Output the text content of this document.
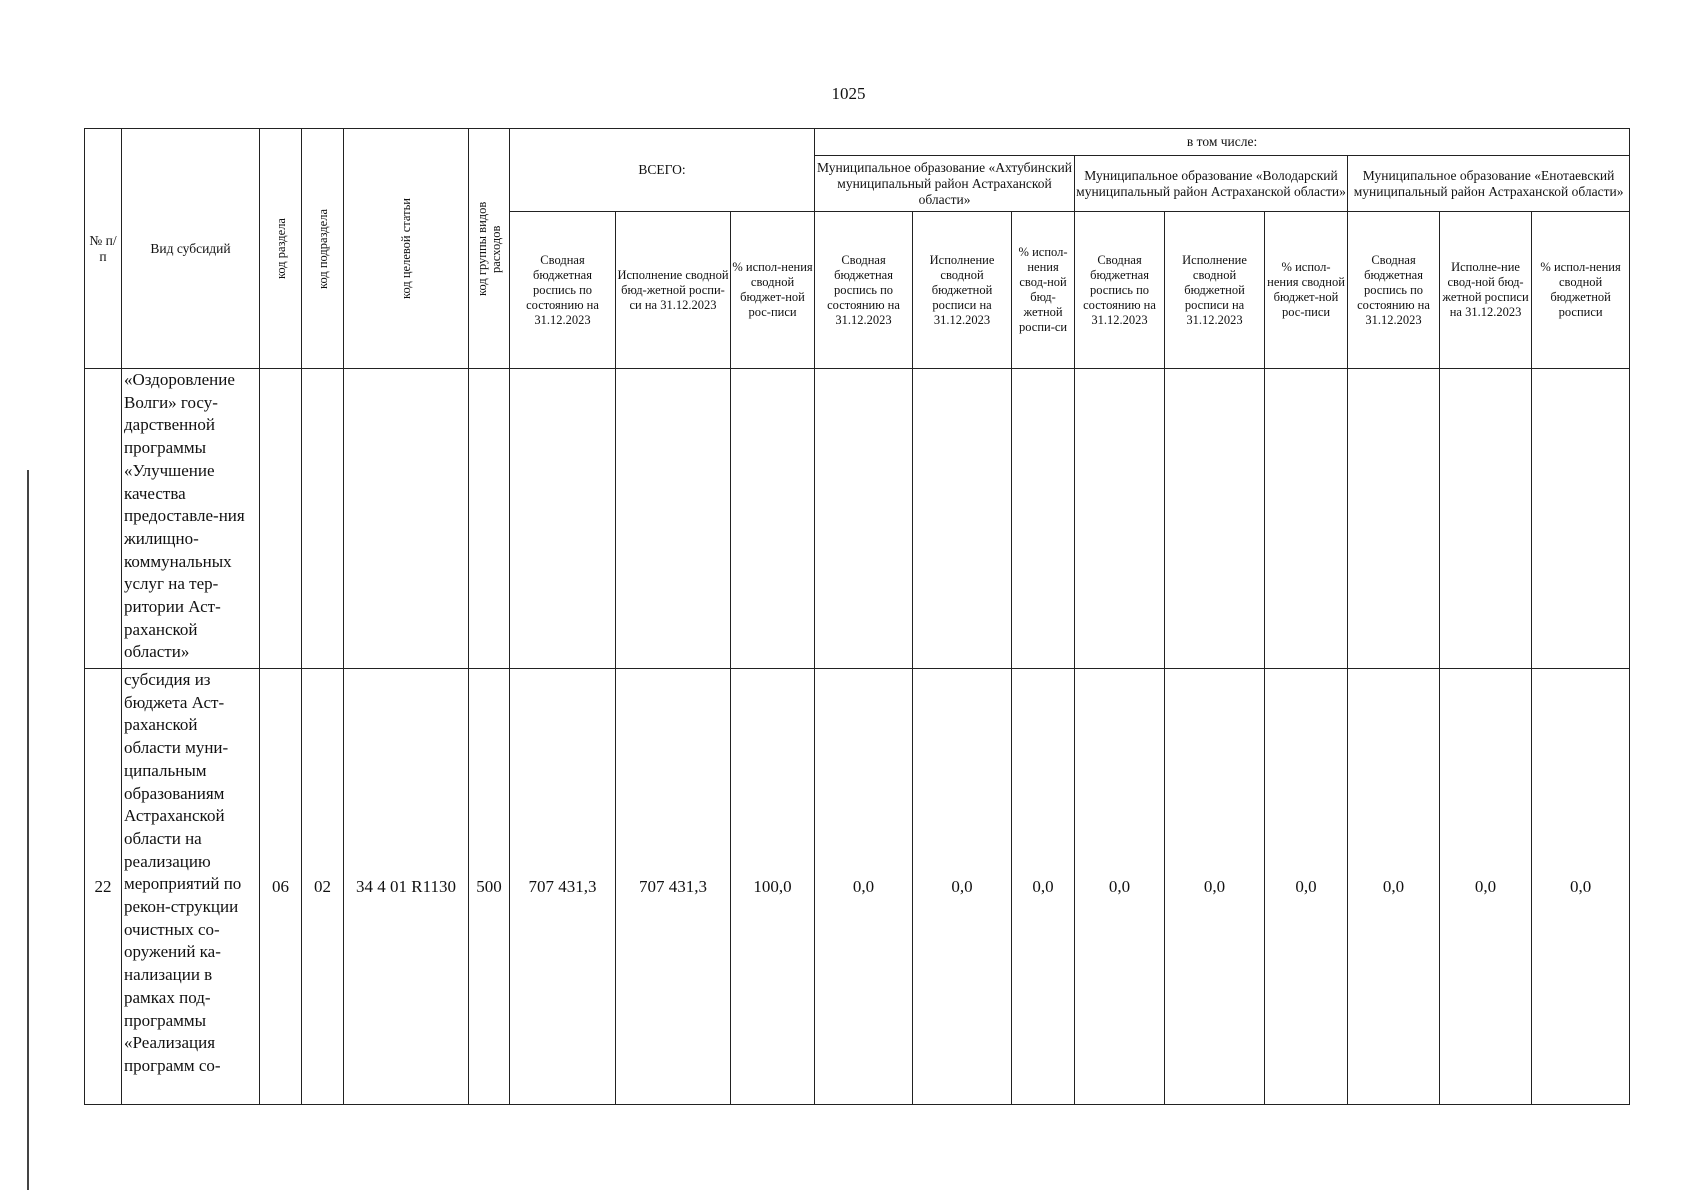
1025
№ п/п	Вид субсидий	код раздела	код подраздела	код целевой статьи	код группы видов расходов	ВСЕГО:			в том числе:								
									Муниципальное образование «Ахтубинский муниципальный район Астраханской области»			Муниципальное образование «Володарский муниципальный район Астраханской области»			Муниципальное образование «Енотаевский муниципальный район Астраханской области»		
						Сводная бюджетная роспись по состоянию на 31.12.2023	Исполнение сводной бюд-жетной роспи-си на 31.12.2023	% испол-нения сводной бюджет-ной рос-писи	Сводная бюджетная роспись по состоянию на 31.12.2023	Исполнение сводной бюджетной росписи на 31.12.2023	% испол-нения свод-ной бюд-жетной роспи-си	Сводная бюджетная роспись по состоянию на 31.12.2023	Исполнение сводной бюджетной росписи на 31.12.2023	% испол-нения сводной бюджет-ной рос-писи	Сводная бюджетная роспись по состоянию на 31.12.2023	Исполне-ние свод-ной бюд-жетной росписи на 31.12.2023	% испол-нения сводной бюджетной росписи
	«Оздоровление Волги» госу-дарственной программы «Улучшение качества предоставле-ния жилищно-коммунальных услуг на тер-ритории Аст-раханской области»																
22	субсидия из бюджета Аст-раханской области муни-ципальным образованиям Астраханской области на реализацию мероприятий по рекон-струкции очистных со-оружений ка-нализации в рамках под-программы «Реализация программ со-	06	02	34 4 01 R1130	500	707 431,3	707 431,3	100,0	0,0	0,0	0,0	0,0	0,0	0,0	0,0	0,0	0,0
